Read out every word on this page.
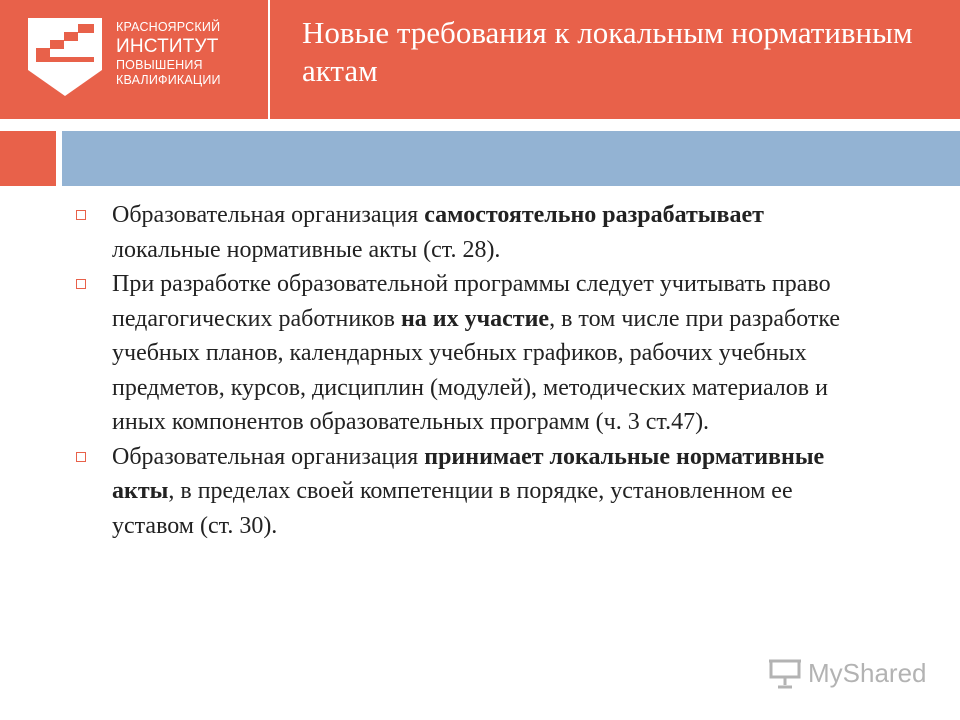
КРАСНОЯРСКИЙ
ИНСТИТУТ
ПОВЫШЕНИЯ
КВАЛИФИКАЦИИ
Новые требования к локальным нормативным актам

Образовательная организация самостоятельно разрабатывает локальные нормативные акты (ст. 28).

При разработке образовательной программы следует учитывать право педагогических работников на их участие, в том числе при разработке учебных планов, календарных учебных графиков, рабочих учебных предметов, курсов, дисциплин (модулей), методических материалов и иных компонентов образовательных программ (ч. 3 ст.47).

Образовательная организация принимает локальные нормативные акты, в пределах своей компетенции в порядке, установленном ее уставом (ст. 30).

MyShared
